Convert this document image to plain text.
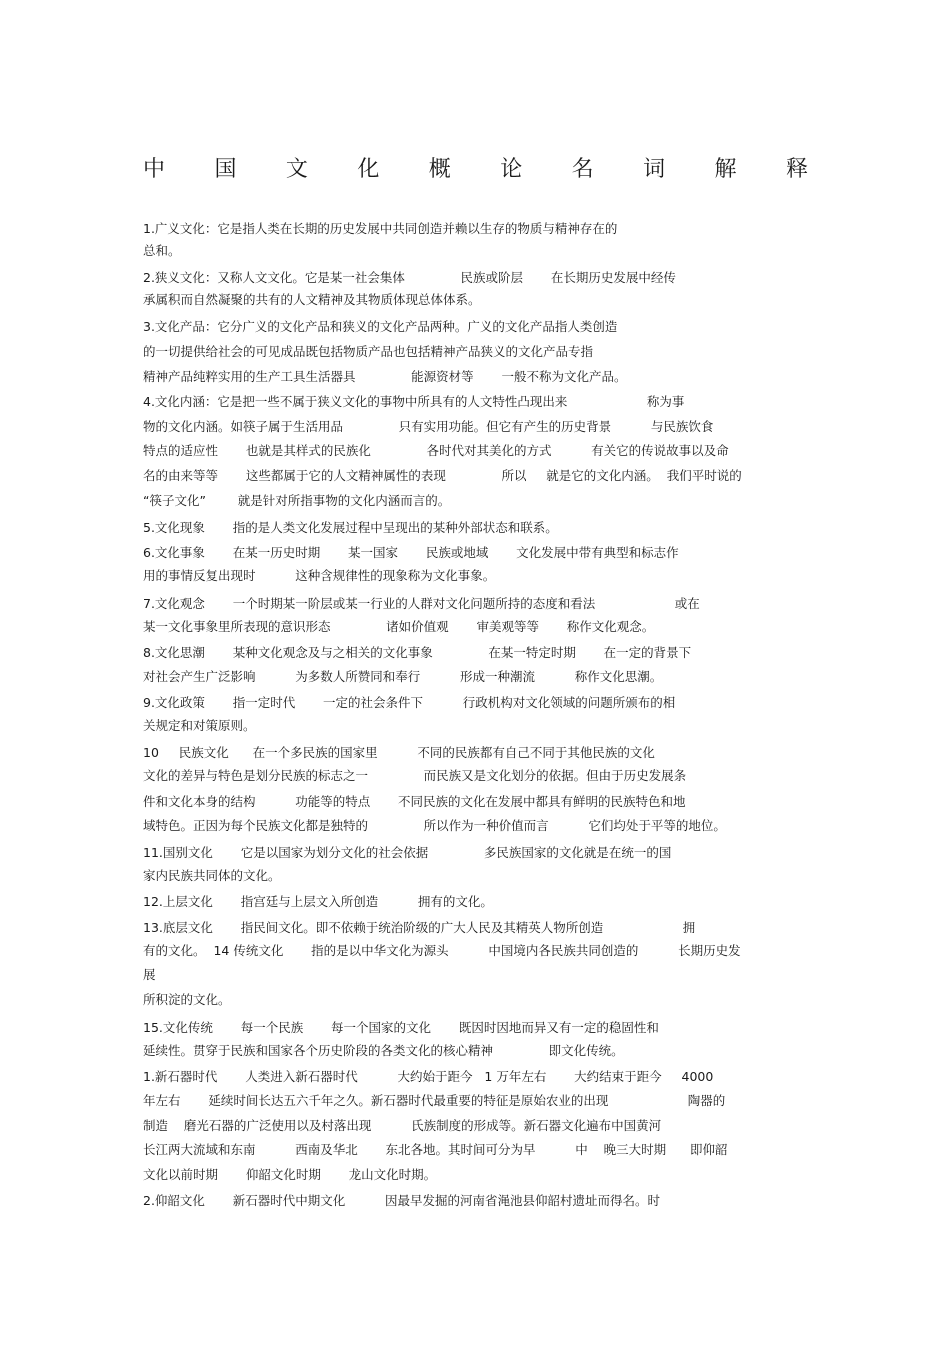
中 国 文 化 概 论 名 词 解 释
1.广义文化：它是指人类在长期的历史发展中共同创造并赖以生存的物质与精神存在的
总和。
2.狭义文化：又称人文文化。它是某一社会集体              民族或阶层       在长期历史发展中经传
承属积而自然凝聚的共有的人文精神及其物质体现总体体系。
3.文化产品：它分广义的文化产品和狭义的文化产品两种。广义的文化产品指人类创造
的一切提供给社会的可见成品既包括物质产品也包括精神产品狭义的文化产品专指
精神产品纯粹实用的生产工具生活器具              能源资材等       一般不称为文化产品。
4.文化内涵：它是把一些不属于狭义文化的事物中所具有的人文特性凸现出来                    称为事
物的文化内涵。如筷子属于生活用品              只有实用功能。但它有产生的历史背景          与民族饮食
特点的适应性       也就是其样式的民族化              各时代对其美化的方式          有关它的传说故事以及命
名的由来等等       这些都属于它的人文精神属性的表现              所以     就是它的文化内涵。  我们平时说的
“筷子文化”        就是针对所指事物的文化内涵而言的。
5.文化现象       指的是人类文化发展过程中呈现出的某种外部状态和联系。
6.文化事象       在某一历史时期       某一国家       民族或地域       文化发展中带有典型和标志作
用的事情反复出现时          这种含规律性的现象称为文化事象。
7.文化观念       一个时期某一阶层或某一行业的人群对文化问题所持的态度和看法                    或在
某一文化事象里所表现的意识形态              诸如价值观       审美观等等       称作文化观念。
8.文化思潮       某种文化观念及与之相关的文化事象              在某一特定时期       在一定的背景下
对社会产生广泛影响          为多数人所赞同和奉行          形成一种潮流          称作文化思潮。
9.文化政策       指一定时代       一定的社会条件下          行政机构对文化领域的问题所颁布的相
关规定和对策原则。
10     民族文化      在一个多民族的国家里          不同的民族都有自己不同于其他民族的文化
文化的差异与特色是划分民族的标志之一              而民族又是文化划分的依据。但由于历史发展条
件和文化本身的结构          功能等的特点       不同民族的文化在发展中都具有鲜明的民族特色和地
域特色。正因为每个民族文化都是独特的              所以作为一种价值而言          它们均处于平等的地位。
11.国别文化       它是以国家为划分文化的社会依据              多民族国家的文化就是在统一的国
家内民族共同体的文化。
12.上层文化       指宫廷与上层文入所创造          拥有的文化。
13.底层文化       指民间文化。即不依赖于统治阶级的广大人民及其精英人物所创造                    拥
有的文化。  14 传统文化       指的是以中华文化为源头          中国境内各民族共同创造的          长期历史发
展
所积淀的文化。
15.文化传统       每一个民族       每一个国家的文化       既因时因地而异又有一定的稳固性和
延续性。贯穿于民族和国家各个历史阶段的各类文化的核心精神              即文化传统。
1.新石器时代       人类进入新石器时代          大约始于距今   1 万年左右       大约结束于距今     4000
年左右       延续时间长达五六千年之久。新石器时代最重要的特征是原始农业的出现                    陶器的
制造    磨光石器的广泛使用以及村落出现          氏族制度的形成等。新石器文化遍布中国黄河
长江两大流域和东南          西南及华北       东北各地。其时间可分为早          中    晚三大时期      即仰韶
文化以前时期       仰韶文化时期       龙山文化时期。
2.仰韶文化       新石器时代中期文化          因最早发掘的河南省渑池县仰韶村遗址而得名。时
